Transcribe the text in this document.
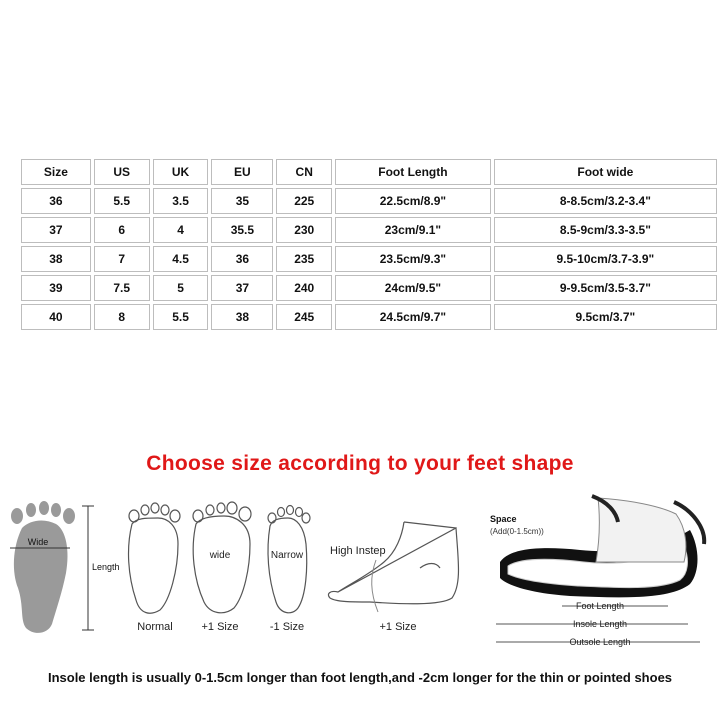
Size	US	UK	EU	CN	Foot Length	Foot wide
36	5.5	3.5	35	225	22.5cm/8.9"	8-8.5cm/3.2-3.4"
37	6	4	35.5	230	23cm/9.1"	8.5-9cm/3.3-3.5"
38	7	4.5	36	235	23.5cm/9.3"	9.5-10cm/3.7-3.9"
39	7.5	5	37	240	24cm/9.5"	9-9.5cm/3.5-3.7"
40	8	5.5	38	245	24.5cm/9.7"	9.5cm/3.7"
Choose size according to your feet shape
Wide
Length
Normal
wide
+1 Size
Narrow
-1 Size
High Instep
+1 Size
Space
(Add(0-1.5cm))
Foot Length
Insole Length
Outsole Length
Insole length is usually 0-1.5cm longer than foot length,and -2cm longer for the thin or pointed shoes
